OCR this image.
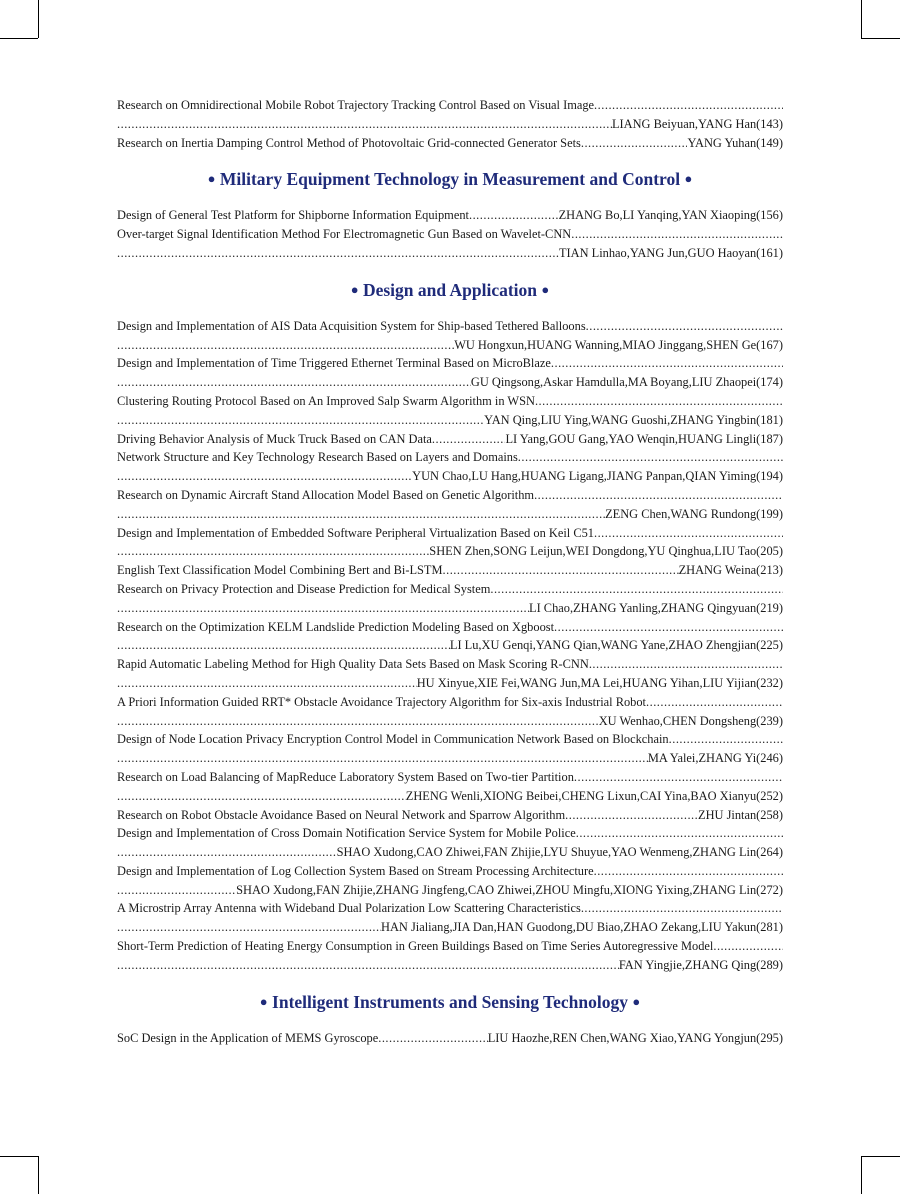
Research on Omnidirectional Mobile Robot Trajectory Tracking Control Based on Visual Image
.....
.....
LIANG Beiyuan,YANG Han(143)
Research on Inertia Damping Control Method of Photovoltaic Grid-connected Generator Sets .....	YANG Yuhan(149)
● Military Equipment Technology in Measurement and Control ●
Design of General Test Platform for Shipborne Information Equipment .....	ZHANG Bo,LI Yanqing,YAN Xiaoping(156)
Over-target Signal Identification Method For Electromagnetic Gun Based on Wavelet-CNN
.....
.....
TIAN Linhao,YANG Jun,GUO Haoyan(161)
● Design and Application ●
Design and Implementation of AIS Data Acquisition System for Ship-based Tethered Balloons
.....
.....
WU Hongxun,HUANG Wanning,MIAO Jinggang,SHEN Ge(167)
Design and Implementation of Time Triggered Ethernet Terminal Based on MicroBlaze
.....
.....
GU Qingsong,Askar Hamdulla,MA Boyang,LIU Zhaopei(174)
Clustering Routing Protocol Based on An Improved Salp Swarm Algorithm in WSN
.....
.....
YAN Qing,LIU Ying,WANG Guoshi,ZHANG Yingbin(181)
Driving Behavior Analysis of Muck Truck Based on CAN Data .....	LI Yang,GOU Gang,YAO Wenqin,HUANG Lingli(187)
Network Structure and Key Technology Research Based on Layers and Domains
.....
.....
YUN Chao,LU Hang,HUANG Ligang,JIANG Panpan,QIAN Yiming(194)
Research on Dynamic Aircraft Stand Allocation Model Based on Genetic Algorithm
.....
.....
ZENG Chen,WANG Rundong(199)
Design and Implementation of Embedded Software Peripheral Virtualization Based on Keil C51
.....
.....
SHEN Zhen,SONG Leijun,WEI Dongdong,YU Qinghua,LIU Tao(205)
English Text Classification Model Combining Bert and Bi-LSTM .....	ZHANG Weina(213)
Research on Privacy Protection and Disease Prediction for Medical System
.....
.....
LI Chao,ZHANG Yanling,ZHANG Qingyuan(219)
Research on the Optimization KELM Landslide Prediction Modeling Based on Xgboost
.....
.....
LI Lu,XU Genqi,YANG Qian,WANG Yane,ZHAO Zhengjian(225)
Rapid Automatic Labeling Method for High Quality Data Sets Based on Mask Scoring R-CNN
.....
.....
HU Xinyue,XIE Fei,WANG Jun,MA Lei,HUANG Yihan,LIU Yijian(232)
A Priori Information Guided RRT* Obstacle Avoidance Trajectory Algorithm for Six-axis Industrial Robot
.....
.....
XU Wenhao,CHEN Dongsheng(239)
Design of Node Location Privacy Encryption Control Model in Communication Network Based on Blockchain
.....
.....
MA Yalei,ZHANG Yi(246)
Research on Load Balancing of MapReduce Laboratory System Based on Two-tier Partition
.....
.....
ZHENG Wenli,XIONG Beibei,CHENG Lixun,CAI Yina,BAO Xianyu(252)
Research on Robot Obstacle Avoidance Based on Neural Network and Sparrow Algorithm .....	ZHU Jintan(258)
Design and Implementation of Cross Domain Notification Service System for Mobile Police
.....
.....
SHAO Xudong,CAO Zhiwei,FAN Zhijie,LYU Shuyue,YAO Wenmeng,ZHANG Lin(264)
Design and Implementation of Log Collection System Based on Stream Processing Architecture
.....
.....
SHAO Xudong,FAN Zhijie,ZHANG Jingfeng,CAO Zhiwei,ZHOU Mingfu,XIONG Yixing,ZHANG Lin(272)
A Microstrip Array Antenna with Wideband Dual Polarization Low Scattering Characteristics
.....
.....
HAN Jialiang,JIA Dan,HAN Guodong,DU Biao,ZHAO Zekang,LIU Yakun(281)
Short-Term Prediction of Heating Energy Consumption in Green Buildings Based on Time Series Autoregressive Model
.....
.....
FAN Yingjie,ZHANG Qing(289)
● Intelligent Instruments and Sensing Technology ●
SoC Design in the Application of MEMS Gyroscope .....	LIU Haozhe,REN Chen,WANG Xiao,YANG Yongjun(295)
